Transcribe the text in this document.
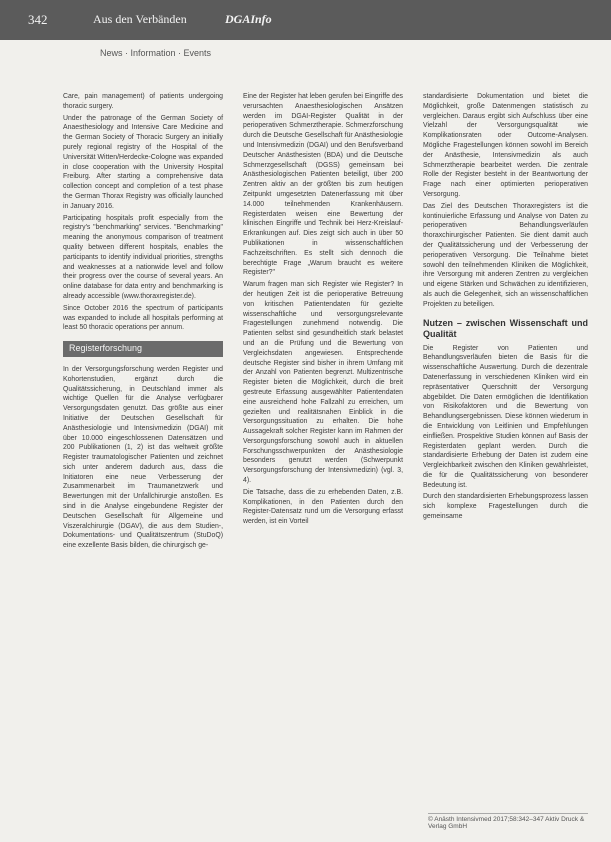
342	Aus den Verbänden	DGAInfo
News · Information · Events

Care, pain management) of patients undergoing thoracic surgery.

Under the patronage of the German Society of Anaesthesiology and Intensive Care Medicine and the German Society of Thoracic Surgery an initially purely regional registry of the Hospital of the Universität Witten/Herdecke-Cologne was expanded in close cooperation with the University Hospital Freiburg. After starting a comprehensive data collection concept and completion of a test phase the German Thorax Registry was officially launched in January 2016.

Participating hospitals profit especially from the registry's "benchmarking" services. "Benchmarking" meaning the anonymous comparison of treatment quality between different hospitals, enables the participants to identify individual priorities, strengths and weaknesses at a nationwide level and follow their progress over the course of several years. An online database for data entry and benchmarking is already accessible (www.thoraxregister.de).

Since October 2016 the spectrum of participants was expanded to include all hospitals performing at least 50 thoracic operations per annum.

Registerforschung

In der Versorgungsforschung werden Register und Kohortenstudien, ergänzt durch die Qualitätssicherung, in Deutschland immer als wichtige Quellen für die Analyse verfügbarer Versorgungsdaten genutzt. Das größte aus einer Initiative der Deutschen Gesellschaft für Anästhesiologie und Intensivmedizin (DGAI) mit über 10.000 eingeschlossenen Datensätzen und 200 Publikationen (1, 2) ist das weltweit größte Register traumatologischer Patienten und zeichnet sich unter anderem dadurch aus, dass die Initiatoren eine neue Verbesserung der Zusammenarbeit im Traumanetzwerk und Bewertungen mit der Unfallchirurgie anstoßen. Es sind in die Analyse eingebundene Register der Deutschen Gesellschaft für Allgemeine und Viszeralchirurgie (DGAV), die aus dem Studien-, Dokumentations- und Qualitätszentrum (StuDoQ) eine exzellente Basis bilden, die chirurgisch ge-

Eine der Register hat leben gerufen bei Eingriffe des verursachten Anaesthesiologischen Ansätzen werden im DGAI-Register Qualität in der perioperativen Schmerztherapie. Schmerzforschung durch die Deutsche Gesellschaft für Anästhesiologie und Intensivmedizin (DGAI) und den Berufsverband Deutscher Anästhesisten (BDA) und die Deutsche Schmerzgesellschaft (DGSS) gemeinsam bei Anästhesiologischen Patienten beteiligt, über 200 Zentren aktiv an der größten bis zum heutigen Zeitpunkt umgesetzten Datenerfassung mit über 14.000 teilnehmenden Krankenhäusern. Registerdaten weisen eine Bewertung der klinischen Eingriffe und Technik bei Herz-Kreislauf-Erkrankungen auf. Dies zeigt sich auch in über 50 Publikationen in wissenschaftlichen Fachzeitschriften. Es stellt sich dennoch die berechtigte Frage „Warum braucht es weitere Register?"

Warum fragen man sich Register wie Register? In der heutigen Zeit ist die perioperative Betreuung von kritischen Patientendaten für gezielte wissenschaftliche und versorgungsrelevante Fragestellungen zunehmend notwendig. Die Patienten selbst sind gesundheitlich stark belastet und an die Prüfung und die Bewertung von Vergleichsdaten angewiesen. Entsprechende deutsche Register sind bisher in ihrem Umfang mit der Anzahl von Patienten begrenzt. Multizentrische Register bieten die Möglichkeit, durch die breit gestreute Erfassung ausgewählter Patientendaten eine ausreichend hohe Fallzahl zu erreichen, um gezielten und realitätsnahen Einblick in die Versorgungssituation zu erhalten. Die hohe Aussagekraft solcher Register kann im Rahmen der Versorgungsforschung sowohl auch in aktuellen Forschungsschwerpunkten der Anästhesiologie besonders genutzt werden (Schwerpunkt Versorgungsforschung der Intensivmedizin) (vgl. 3, 4).

Die Tatsache, dass die zu erhebenden Daten, z.B. Komplikationen, in den Patienten durch den Register-Datensatz rund um die Versorgung erfasst werden, ist ein Vorteil

standardisierte Dokumentation und bietet die Möglichkeit, große Datenmengen statistisch zu vergleichen. Daraus ergibt sich Aufschluss über eine Vielzahl der Versorgungsqualität wie Komplikationsraten oder Outcome-Analysen. Mögliche Fragestellungen können sowohl im Bereich der Anästhesie, Intensivmedizin als auch Schmerztherapie bearbeitet werden. Die zentrale Rolle der Register besteht in der Beantwortung der Frage nach einer optimierten perioperativen Versorgung.

Das Ziel des Deutschen Thoraxregisters ist die kontinuierliche Erfassung und Analyse von Daten zu perioperativen Behandlungsverläufen thoraxchirurgischer Patienten. Sie dient damit auch der Qualitätssicherung und der Verbesserung der perioperativen Versorgung. Die Teilnahme bietet sowohl den teilnehmenden Kliniken die Möglichkeit, ihre Versorgung mit anderen Zentren zu vergleichen und eigene Stärken und Schwächen zu identifizieren, als auch die Gelegenheit, sich an wissenschaftlichen Projekten zu beteiligen.

Nutzen – zwischen Wissenschaft und Qualität

Die Register von Patienten und Behandlungsverläufen bieten die Basis für die wissenschaftliche Auswertung. Durch die dezentrale Datenerfassung in verschiedenen Kliniken wird ein repräsentativer Querschnitt der Versorgung abgebildet. Die Daten ermöglichen die Identifikation von Risikofaktoren und die Bewertung von Behandlungsergebnissen. Diese können wiederum in die Entwicklung von Leitlinien und Empfehlungen einfließen. Prospektive Studien können auf Basis der Registerdaten geplant werden. Durch die standardisierte Erhebung der Daten ist zudem eine Vergleichbarkeit zwischen den Kliniken gewährleistet, die für die Qualitätssicherung von besonderer Bedeutung ist.

Durch den standardisierten Erhebungsprozess lassen sich komplexe Fragestellungen durch die gemeinsame

© Anästh Intensivmed 2017;58:342–347 Aktiv Druck & Verlag GmbH
